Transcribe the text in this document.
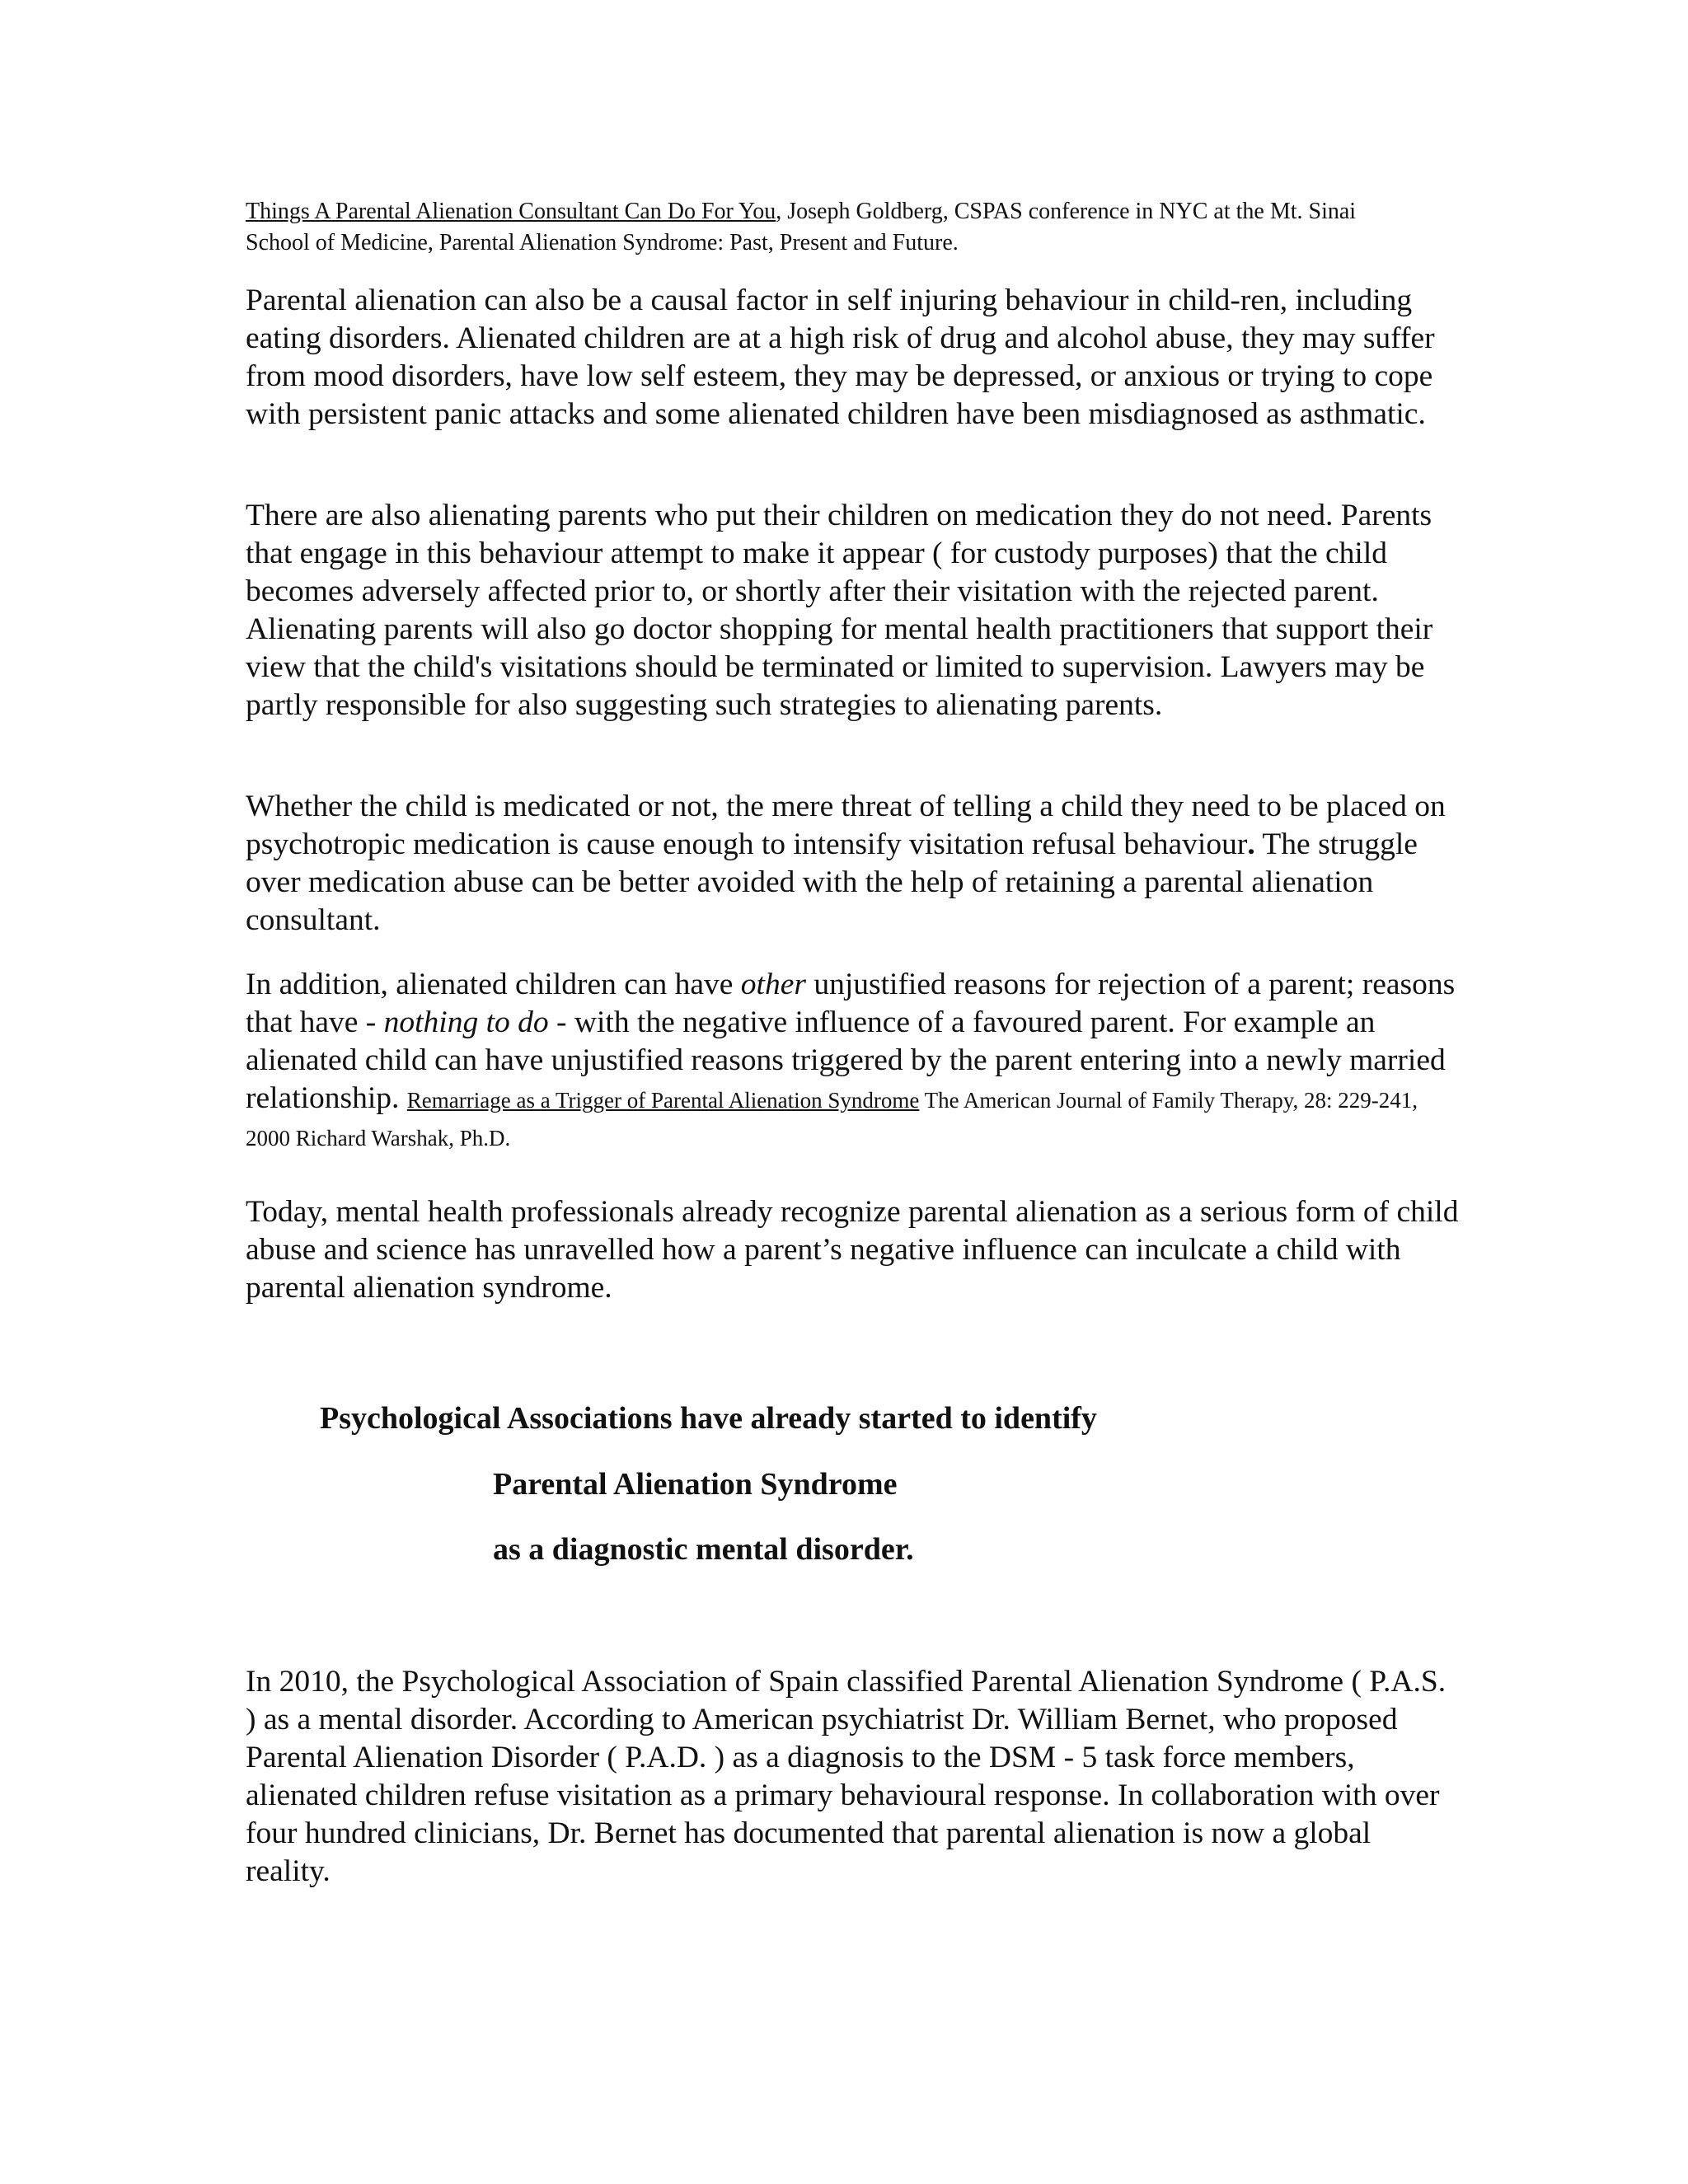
Things A Parental Alienation Consultant Can Do For You, Joseph Goldberg, CSPAS conference in NYC at the Mt. Sinai School of Medicine, Parental Alienation Syndrome: Past, Present and Future.

Parental alienation can also be a causal factor in self injuring behaviour in child-ren, including eating disorders. Alienated children are at a high risk of drug and alcohol abuse, they may suffer from mood disorders, have low self esteem, they may be depressed, or anxious or trying to cope with persistent panic attacks and some alienated children have been misdiagnosed as asthmatic.

There are also alienating parents who put their children on medication they do not need. Parents that engage in this behaviour attempt to make it appear ( for custody purposes) that the child becomes adversely affected prior to, or shortly after their visitation with the rejected parent. Alienating parents will also go doctor shopping for mental health practitioners that support their view that the child's visitations should be terminated or limited to supervision. Lawyers may be partly responsible for also suggesting such strategies to alienating parents.

Whether the child is medicated or not, the mere threat of telling a child they need to be placed on psychotropic medication is cause enough to intensify visitation refusal behaviour. The struggle over medication abuse can be better avoided with the help of retaining a parental alienation consultant.

In addition, alienated children can have other unjustified reasons for rejection of a parent; reasons that have - nothing to do - with the negative influence of a favoured parent. For example an alienated child can have unjustified reasons triggered by the parent entering into a newly married relationship. Remarriage as a Trigger of Parental Alienation Syndrome The American Journal of Family Therapy, 28: 229-241, 2000 Richard Warshak, Ph.D.

Today, mental health professionals already recognize parental alienation as a serious form of child abuse and science has unravelled how a parent’s negative influence can inculcate a child with parental alienation syndrome.

Psychological Associations have already started to identify

Parental Alienation Syndrome

as a diagnostic mental disorder.

In 2010, the Psychological Association of Spain classified Parental Alienation Syndrome ( P.A.S. ) as a mental disorder. According to American psychiatrist Dr. William Bernet, who proposed Parental Alienation Disorder ( P.A.D. ) as a diagnosis to the DSM - 5 task force members, alienated children refuse visitation as a primary behavioural response. In collaboration with over four hundred clinicians, Dr. Bernet has documented that parental alienation is now a global reality.
